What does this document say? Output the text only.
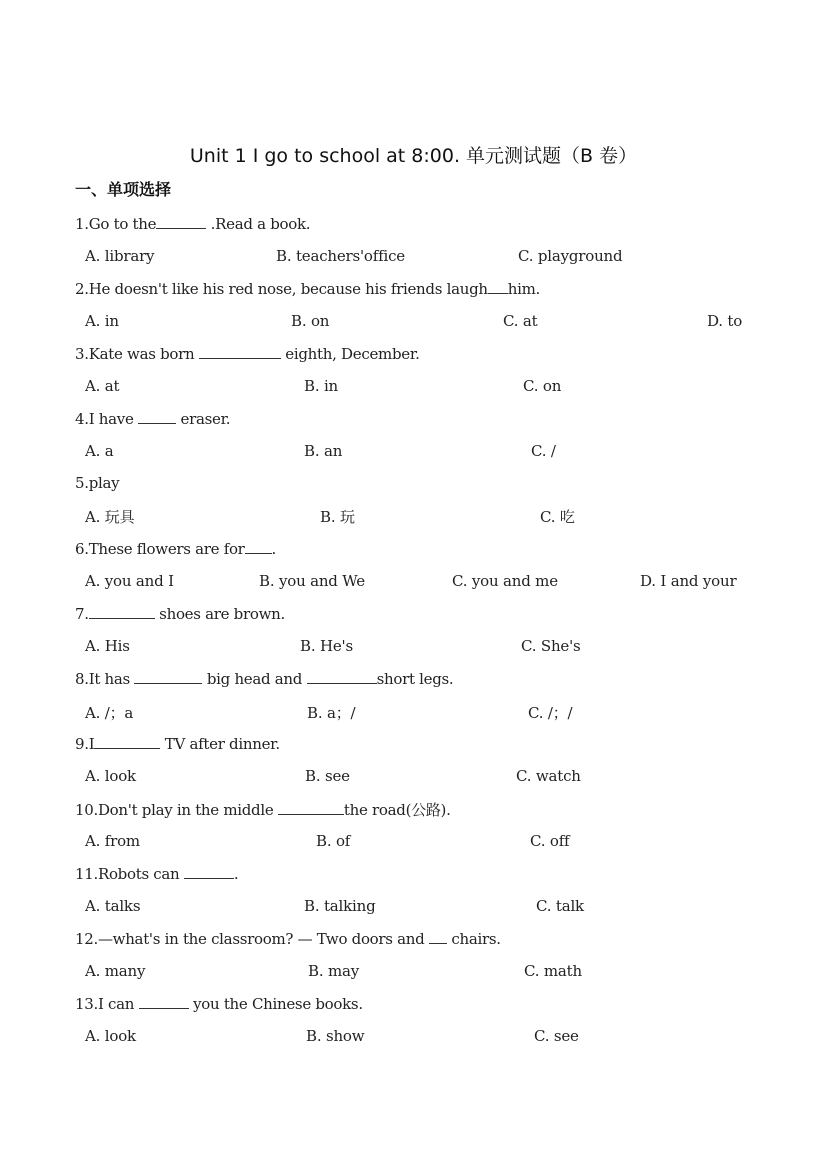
Unit 1 I go to school at 8:00. 单元测试题（B 卷）
一、单项选择
1.Go to the	.Read a book.
A. library	B. teachers'office	C. playground
2.He doesn't like his red nose, because his friends laugh him.
A. in	B. on	C. at	D. to
3.Kate was born	eighth, December.
A. at	B. in	C. on
4.I have	eraser.
A. a	B. an	C. /
5.play
A. 玩具	B. 玩	C. 吃
6.These flowers are for .
A. you and I	B. you and We	C. you and me	D. I and your
7.	shoes are brown.
A. His	B. He's	C. She's
8.It has	big head and	short legs.
A. /；a	B. a；/	C. /；/
9.I	TV after dinner.
A. look	B. see	C. watch
10.Don't play in the middle	the road(公路).
A. from	B. of	C. off
11.Robots can	.
A. talks	B. talking	C. talk
12.—what's in the classroom? — Two doors and  chairs.
A. many	B. may	C. math
13.I can	you the Chinese books.
A. look	B. show	C. see
